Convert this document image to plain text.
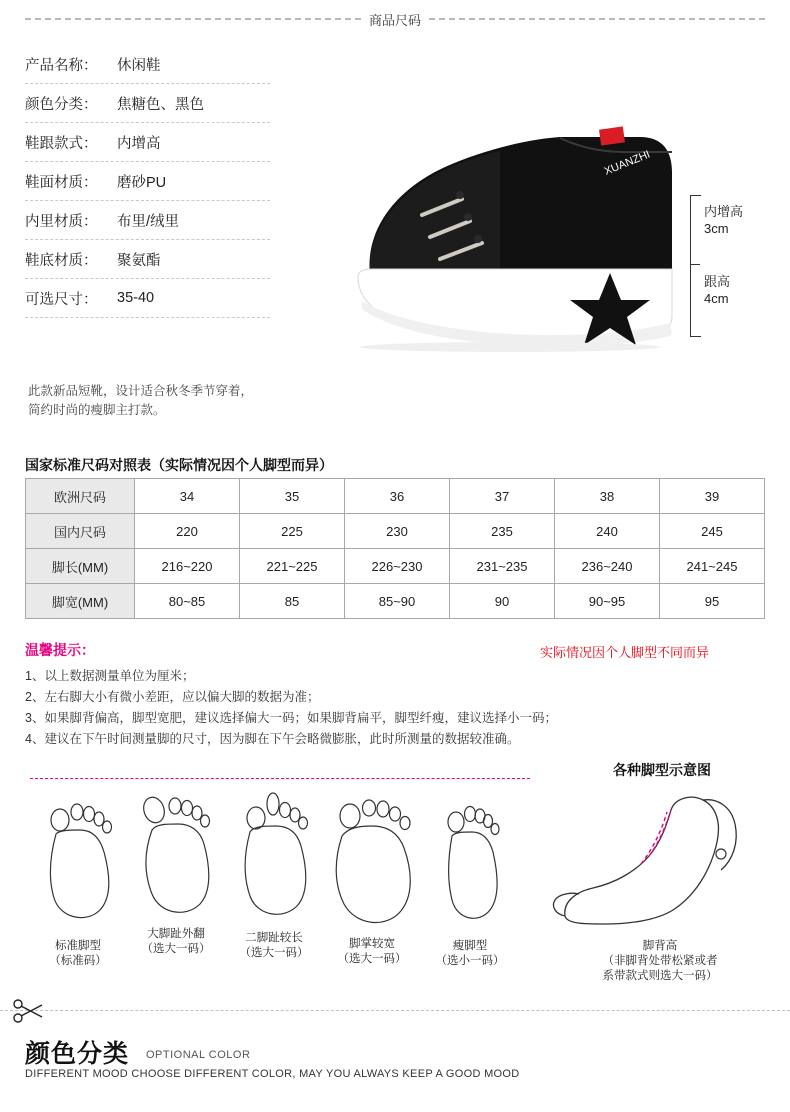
商品尺码
产品名称：	休闲鞋
颜色分类：	焦糖色、黑色
鞋跟款式：	内增高
鞋面材质：	磨砂PU
内里材质：	布里/绒里
鞋底材质：	聚氨酯
可选尺寸：	35-40
此款新品短靴，设计适合秋冬季节穿着，
简约时尚的瘦脚主打款。
XUANZHI
内增高
3cm
跟高
4cm
国家标准尺码对照表（实际情况因个人脚型而异）
欧洲尺码	34	35	36	37	38	39
国内尺码	220	225	230	235	240	245
脚长(MM)	216~220	221~225	226~230	231~235	236~240	241~245
脚宽(MM)	80~85	85	85~90	90	90~95	95
温馨提示：	实际情况因个人脚型不同而异
1、以上数据测量单位为厘米；
2、左右脚大小有微小差距，应以偏大脚的数据为准；
3、如果脚背偏高，脚型宽肥，建议选择偏大一码；如果脚背扁平，脚型纤瘦，建议选择小一码；
4、建议在下午时间测量脚的尺寸，因为脚在下午会略微膨胀，此时所测量的数据较准确。
标准脚型
（标准码）
大脚趾外翻
（选大一码）
二脚趾较长
（选大一码）
脚掌较宽
（选大一码）
瘦脚型
（选小一码）
各种脚型示意图
脚背高
（非脚背处带松紧或者
系带款式则选大一码）
颜色分类 OPTIONAL COLOR
DIFFERENT MOOD CHOOSE DIFFERENT COLOR, MAY YOU ALWAYS KEEP A GOOD MOOD
